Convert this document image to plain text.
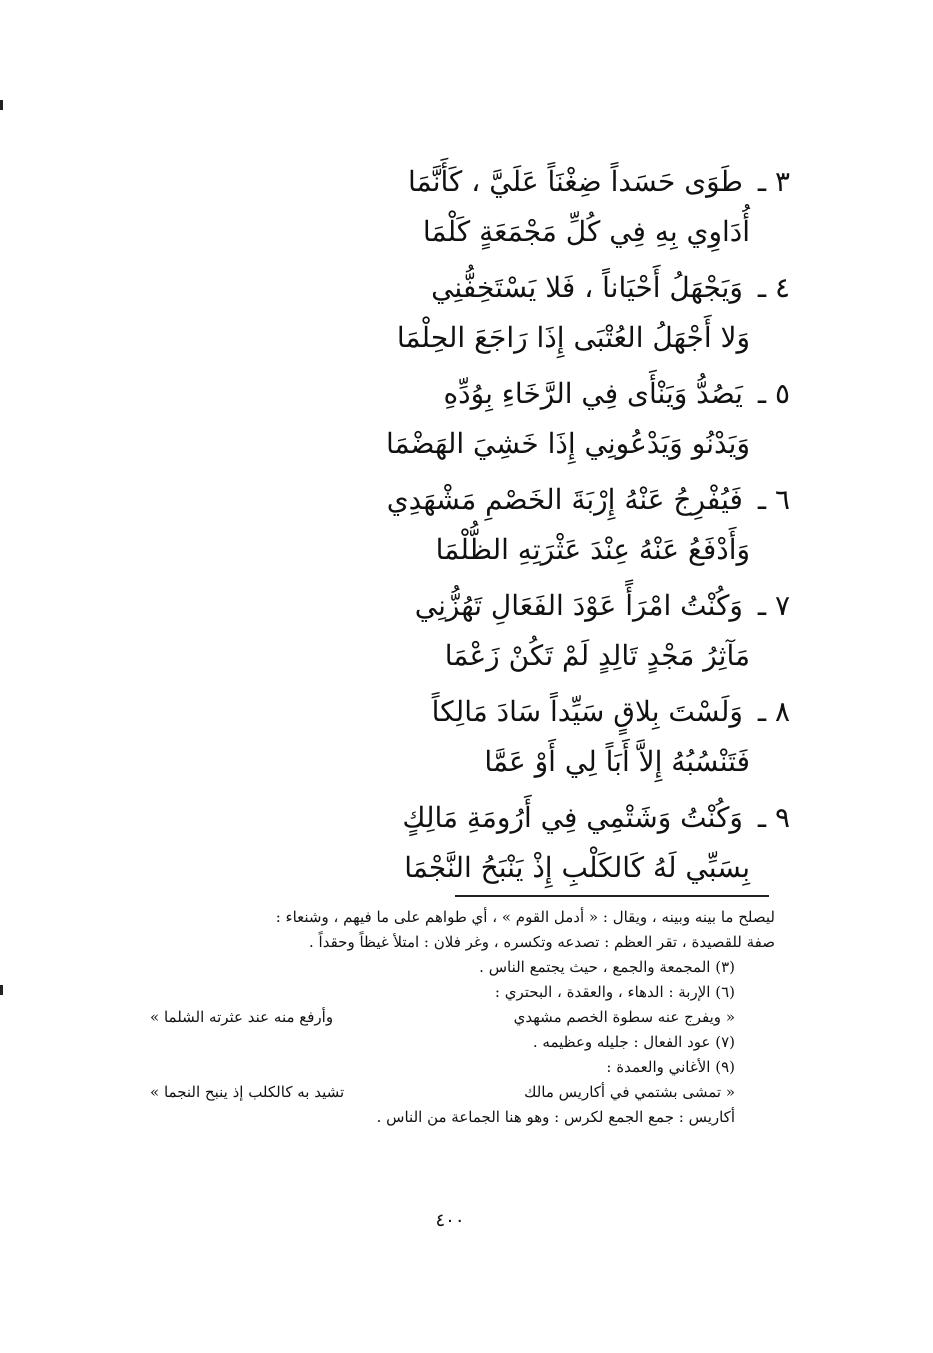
٣ ـ طَوَى حَسَداً ضِغْنَاً عَلَيَّ ، كَأَنَّمَا
أُدَاوِي بِهِ فِي كُلِّ مَجْمَعَةٍ كَلْمَا
٤ ـ وَيَجْهَلُ أَحْيَاناً ، فَلا يَسْتَخِفُّنِي
وَلا أَجْهَلُ العُتْبَى إِذَا رَاجَعَ الحِلْمَا
٥ ـ يَصُدُّ وَيَنْأَى فِي الرَّخَاءِ بِوُدِّهِ
وَيَدْنُو وَيَدْعُونِي إِذَا خَشِيَ الهَضْمَا
٦ ـ فَيُفْرِجُ عَنْهُ إِرْبَةَ الخَصْمِ مَشْهَدِي
وَأَدْفَعُ عَنْهُ عِنْدَ عَثْرَتِهِ الظُّلْمَا
٧ ـ وَكُنْتُ امْرَأً عَوْدَ الفَعَالِ تَهُزُّنِي
مَآثِرُ مَجْدٍ تَالِدٍ لَمْ تَكُنْ زَعْمَا
٨ ـ وَلَسْتَ بِلاقٍ سَيِّداً سَادَ مَالِكاً
فَتَنْسُبُهُ إِلاَّ أَبَاً لِي أَوْ عَمَّا
٩ ـ وَكُنْتُ وَشَتْمِي فِي أَرُومَةِ مَالِكٍ
بِسَبِّي لَهُ كَالكَلْبِ إِذْ يَنْبَحُ النَّجْمَا
ليصلح ما بينه وبينه ، ويقال : « أدمل القوم » ، أي طواهم على ما فيهم ، وشنعاء :
صفة للقصيدة ، تقر العظم : تصدعه وتكسره ، وغر فلان : امتلأ غيظاً وحقداً .
(٣) المجمعة والجمع ، حيث يجتمع الناس .
(٦) الإربة : الدهاء ، والعقدة ، البحتري :
« ويفرج عنه سطوة الخصم مشهدي
وأرفع منه عند عثرته الشلما »
(٧) عود الفعال : جليله وعظيمه .
(٩) الأغاني والعمدة :
« تمشى بشتمي في أكاريس مالك
تشيد به كالكلب إذ ينبح النجما »
أكاريس : جمع الجمع لكرس : وهو هنا الجماعة من الناس .
٤٠٠
